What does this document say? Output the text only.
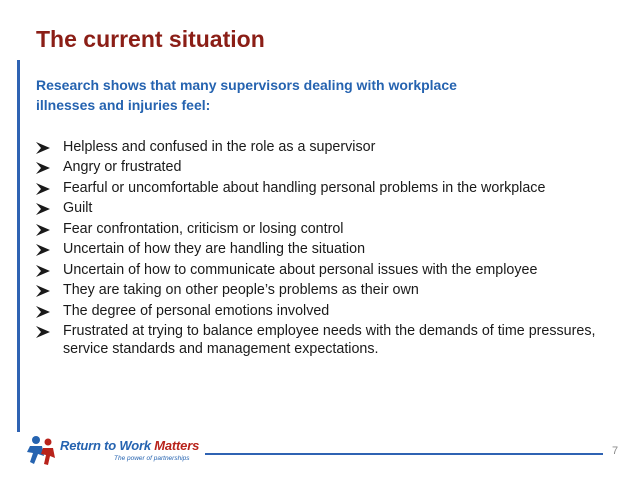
The current situation
Research shows that many supervisors dealing with workplace
illnesses and injuries feel:
Helpless and confused in the role as a supervisor
Angry or frustrated
Fearful or uncomfortable about handling personal problems in the workplace
Guilt
Fear confrontation, criticism or losing control
Uncertain of how they are handling the situation
Uncertain of how to communicate about personal issues with the employee
They are taking on other people’s problems as their own
The degree of personal emotions involved
Frustrated at trying to balance employee needs with the demands of time pressures, service standards and management expectations.
Return to Work Matters
The power of partnerships
7
